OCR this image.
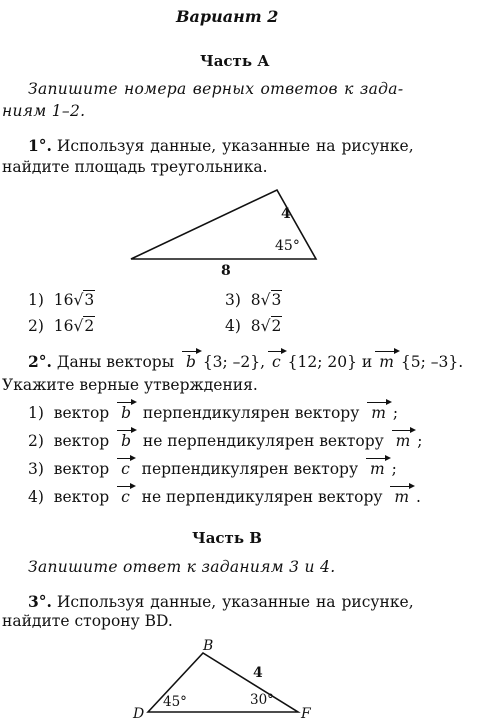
Вариант 2
Часть А
Запишите номера верных ответов к зада-
ниям 1–2.
1°. Используя данные, указанные на рисунке,
найдите площадь треугольника.
4
45°
8
1) 16√3	3) 8√3
2) 16√2	4) 8√2
2°. Даны векторы b {3; –2}, c {12; 20} и m {5; –3}.
Укажите верные утверждения.
1) вектор b перпендикулярен вектору m ;
2) вектор b не перпендикулярен вектору m ;
3) вектор c перпендикулярен вектору m ;
4) вектор c не перпендикулярен вектору m .
Часть В
Запишите ответ к заданиям 3 и 4.
3°. Используя данные, указанные на рисунке,
найдите сторону BD.
B
D	F
4
45°	30°
